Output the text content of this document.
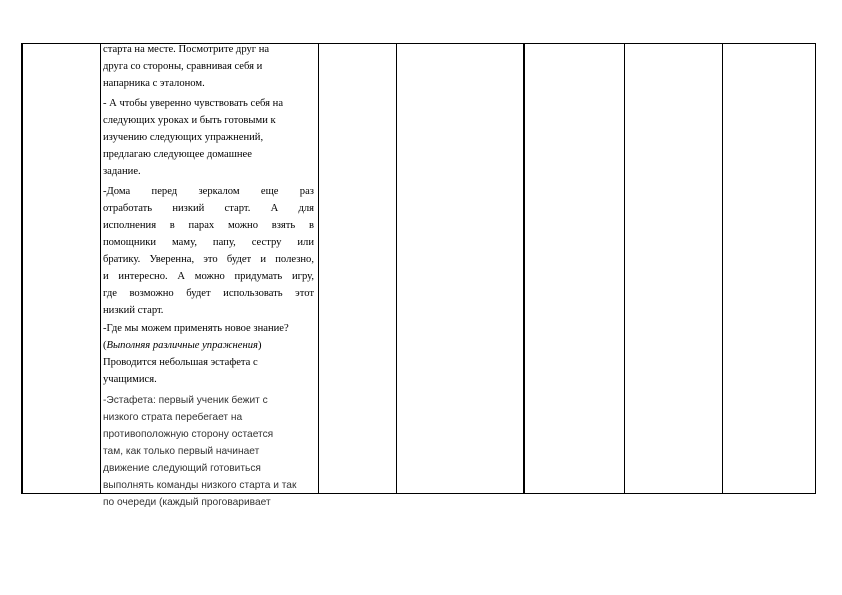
старта на месте. Посмотрите друг на
друга со стороны, сравнивая себя и
напарника с эталоном.
- А чтобы уверенно чувствовать себя на
следующих уроках и быть готовыми к
изучению следующих упражнений,
предлагаю следующее домашнее
задание.
-Дома перед зеркалом еще раз
отработать низкий старт. А для
исполнения в парах можно взять в
помощники маму, папу, сестру или
братику. Уверенна, это будет и полезно,
и интересно. А можно придумать игру,
где возможно будет использовать этот
низкий старт.
-Где мы можем применять новое знание?
(Выполняя различные упражнения)
Проводится небольшая эстафета с
учащимися.
-Эстафета: первый ученик бежит с
низкого страта перебегает на
противоположную сторону остается
там, как только первый начинает
движение следующий готовиться
выполнять команды низкого старта и так
по очереди (каждый проговаривает
